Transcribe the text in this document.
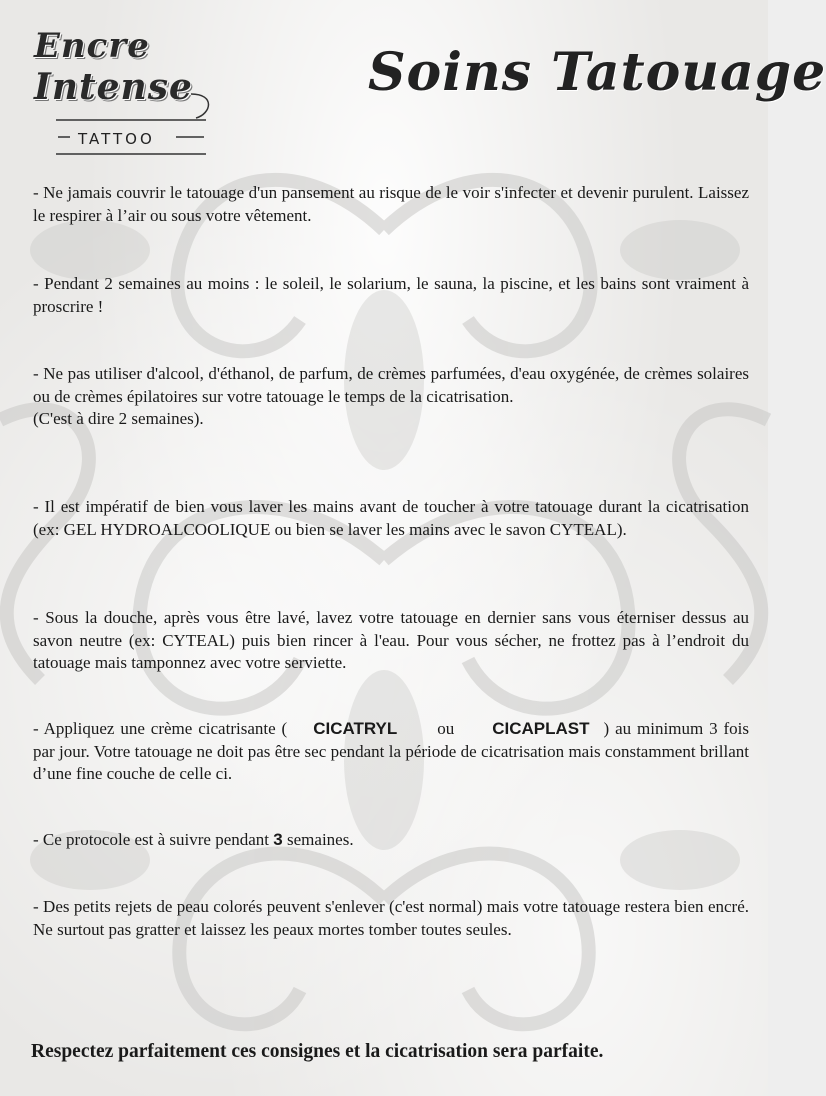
Encre
Intense
TATTOO
Soins Tatouage

- Ne jamais couvrir le tatouage d'un pansement au risque de le voir s'infecter et devenir purulent. Laissez le respirer à l’air ou sous votre vêtement.

- Pendant 2 semaines au moins : le soleil, le solarium, le sauna, la piscine, et les bains sont vraiment à proscrire !

- Ne pas utiliser d'alcool, d'éthanol, de parfum, de crèmes parfumées, d'eau oxygénée, de crèmes solaires ou de crèmes épilatoires sur votre tatouage le temps de la cicatrisation.
(C'est à dire 2 semaines).

- Il est impératif de bien vous laver les mains avant de toucher à votre tatouage durant la cicatrisation (ex: GEL HYDROALCOOLIQUE ou bien se laver les mains avec le savon CYTEAL).

- Sous la douche, après vous être lavé, lavez votre tatouage en dernier sans vous éterniser dessus au savon neutre (ex: CYTEAL) puis bien rincer à l'eau. Pour vous sécher, ne frottez pas à l’endroit du tatouage mais tamponnez avec votre serviette.

- Appliquez une crème cicatrisante ( CICATRYL ou CICAPLAST ) au minimum 3 fois par jour. Votre tatouage ne doit pas être sec pendant la période de cicatrisation mais constamment brillant d’une fine couche de celle ci.

- Ce protocole est à suivre pendant 3 semaines.

- Des petits rejets de peau colorés peuvent s'enlever (c'est normal) mais votre tatouage restera bien encré. Ne surtout pas gratter et laissez les peaux mortes tomber toutes seules.

Respectez parfaitement ces consignes et la cicatrisation sera parfaite.
